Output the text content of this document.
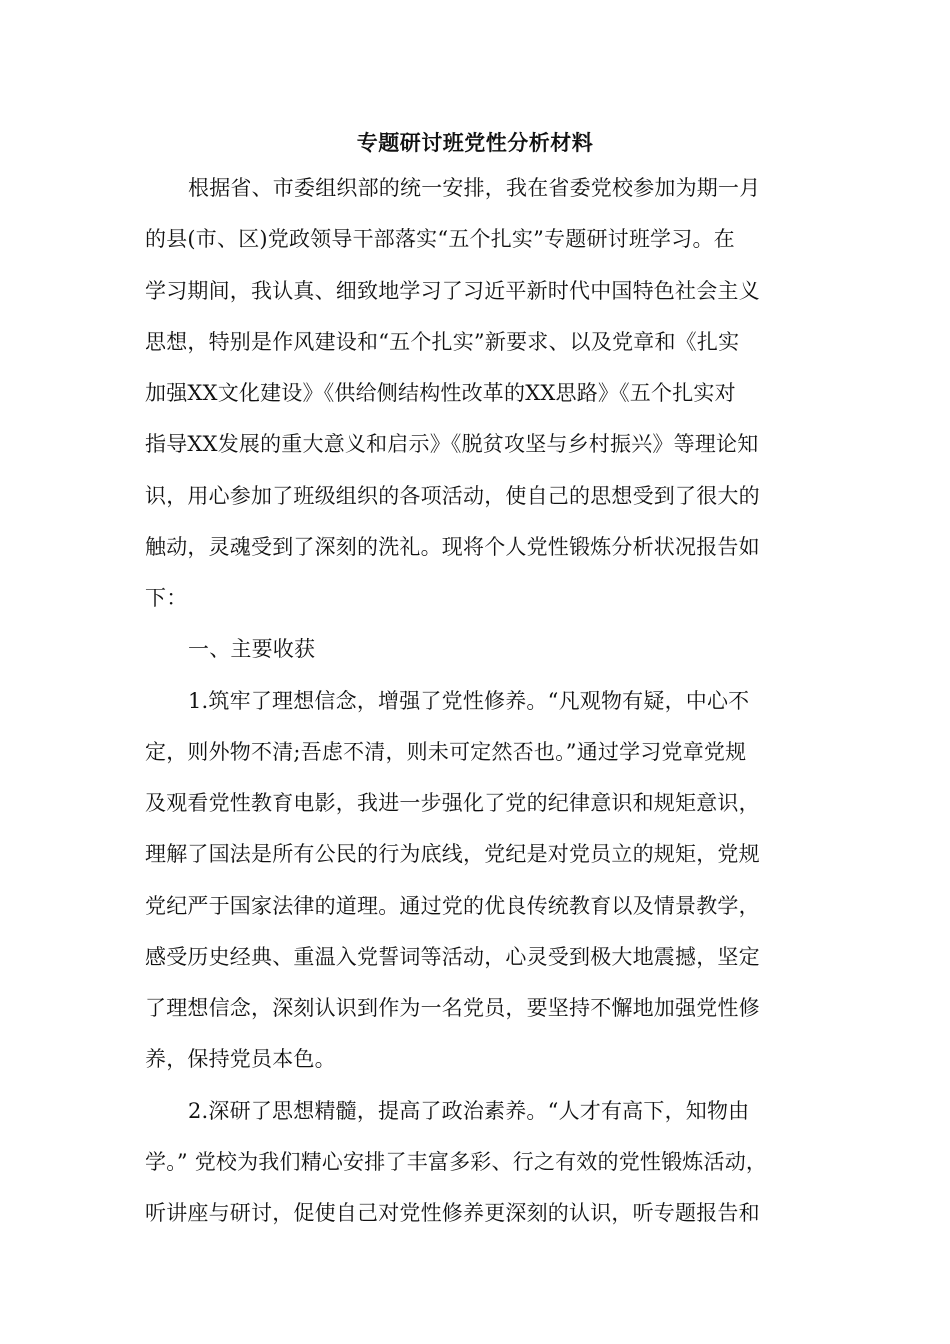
专题研讨班党性分析材料
根据省、市委组织部的统一安排，我在省委党校参加为期一月
的县(市、区)党政领导干部落实“五个扎实”专题研讨班学习。在
学习期间，我认真、细致地学习了习近平新时代中国特色社会主义
思想，特别是作风建设和“五个扎实”新要求、以及党章和《扎实
加强XX文化建设》《供给侧结构性改革的XX思路》《五个扎实对
指导XX发展的重大意义和启示》《脱贫攻坚与乡村振兴》等理论知
识，用心参加了班级组织的各项活动，使自己的思想受到了很大的
触动，灵魂受到了深刻的洗礼。现将个人党性锻炼分析状况报告如
下：
一、主要收获
1.筑牢了理想信念，增强了党性修养。“凡观物有疑，中心不
定，则外物不清;吾虑不清，则未可定然否也。”通过学习党章党规
及观看党性教育电影，我进一步强化了党的纪律意识和规矩意识，
理解了国法是所有公民的行为底线，党纪是对党员立的规矩，党规
党纪严于国家法律的道理。通过党的优良传统教育以及情景教学，
感受历史经典、重温入党誓词等活动，心灵受到极大地震撼，坚定
了理想信念，深刻认识到作为一名党员，要坚持不懈地加强党性修
养，保持党员本色。
2.深研了思想精髓，提高了政治素养。“人才有高下，知物由
学。” 党校为我们精心安排了丰富多彩、行之有效的党性锻炼活动，
听讲座与研讨，促使自己对党性修养更深刻的认识，听专题报告和
